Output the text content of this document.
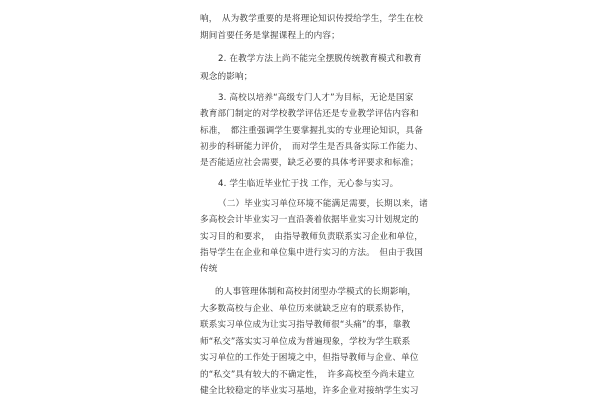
响，　从为教学重要的是将理论知识传授给学生，学生在校
期间首要任务是掌握课程上的内容；
2. 在教学方法上尚不能完全摆脱传统教育模式和教育
观念的影响；
3. 高校以培养“高级专门人才”为目标，无论是国家
教育部门制定的对学校教学评估还是专业教学评估内容和
标准，　都注重强调学生要掌握扎实的专业理论知识，具备
初步的科研能力评价，　而对学生是否具备实际工作能力、
是否能适应社会需要，缺乏必要的具体考评要求和标准；
4. 学生临近毕业忙于找 工作，无心参与实习。
（二）毕业实习单位环境不能满足需要，长期以来，诸
多高校会计毕业实习一直沿袭着依据毕业实习计划规定的
实习目的和要求，　由指导教师负责联系实习企业和单位，
指导学生在企业和单位集中进行实习的方法。　但由于我国
传统
的人事管理体制和高校封闭型办学模式的长期影响，
大多数高校与企业、单位历来就缺乏应有的联系协作，
联系实习单位成为让实习指导教师很“头痛”的事，靠教
师“私交”落实实习单位成为普遍现象，学校为学生联系
实习单位的工作处于困境之中，但指导教师与企业、单位
的“私交”具有较大的不确定性，　许多高校至今尚未建立
健全比较稳定的毕业实习基地，许多企业对接纳学生实习
